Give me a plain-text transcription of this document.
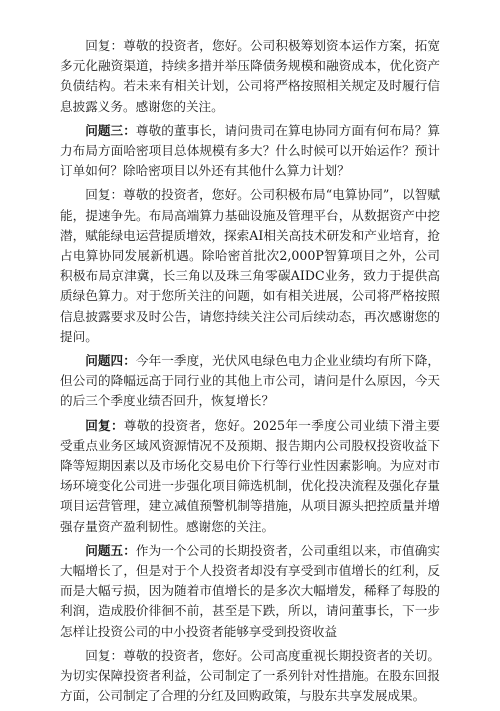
回复：尊敬的投资者，您好。公司积极筹划资本运作方案，拓宽多元化融资渠道，持续多措并举压降债务规模和融资成本，优化资产负债结构。若未来有相关计划，公司将严格按照相关规定及时履行信息披露义务。感谢您的关注。

问题三：尊敬的董事长，请问贵司在算电协同方面有何布局？算力布局方面哈密项目总体规模有多大？什么时候可以开始运作？预计订单如何？除哈密项目以外还有其他什么算力计划？

回复：尊敬的投资者，您好。公司积极布局“电算协同”，以智赋能，提速争先。布局高端算力基础设施及管理平台，从数据资产中挖潜，赋能绿电运营提质增效，探索AI相关高技术研发和产业培育，抢占电算协同发展新机遇。除哈密首批次2,000P智算项目之外，公司积极布局京津冀，长三角以及珠三角零碳AIDC业务，致力于提供高质绿色算力。对于您所关注的问题，如有相关进展，公司将严格按照信息披露要求及时公告，请您持续关注公司后续动态，再次感谢您的提问。

问题四：今年一季度，光伏风电绿色电力企业业绩均有所下降，但公司的降幅远高于同行业的其他上市公司，请问是什么原因，今天的后三个季度业绩否回升，恢复增长？

回复：尊敬的投资者，您好。2025年一季度公司业绩下滑主要受重点业务区域风资源情况不及预期、报告期内公司股权投资收益下降等短期因素以及市场化交易电价下行等行业性因素影响。为应对市场环境变化公司进一步强化项目筛选机制，优化投决流程及强化存量项目运营管理，建立减值预警机制等措施，从项目源头把控质量并增强存量资产盈利韧性。感谢您的关注。

问题五：作为一个公司的长期投资者，公司重组以来，市值确实大幅增长了，但是对于个人投资者却没有享受到市值增长的红利，反而是大幅亏损，因为随着市值增长的是多次大幅增发，稀释了每股的利润，造成股价徘徊不前，甚至是下跌，所以，请问董事长，下一步怎样让投资公司的中小投资者能够享受到投资收益

回复：尊敬的投资者，您好。公司高度重视长期投资者的关切。为切实保障投资者利益，公司制定了一系列针对性措施。在股东回报方面，公司制定了合理的分红及回购政策，与股东共享发展成果。
